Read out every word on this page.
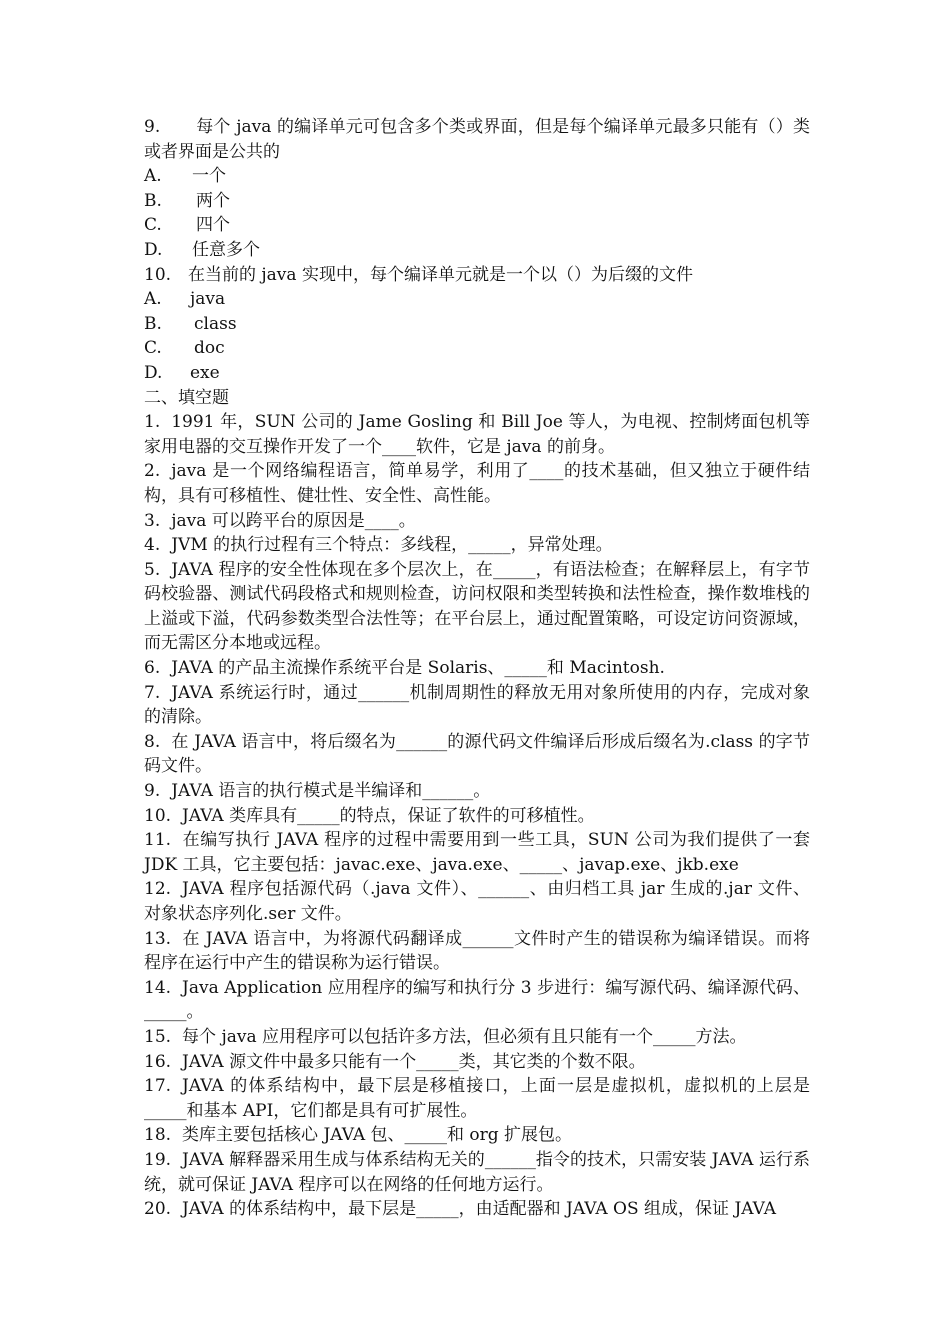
9. 每个 java 的编译单元可包含多个类或界面，但是每个编译单元最多只能有（）类或者界面是公共的

A.	一个
B.	两个
C.	四个
D.	任意多个

10. 在当前的 java 实现中，每个编译单元就是一个以（）为后缀的文件

A.	java
B.	class
C.	doc
D.	exe

二、填空题

1. 1991 年，SUN 公司的 Jame Gosling 和 Bill Joe 等人，为电视、控制烤面包机等家用电器的交互操作开发了一个____软件，它是 java 的前身。

2. java 是一个网络编程语言，简单易学，利用了____的技术基础，但又独立于硬件结构，具有可移植性、健壮性、安全性、高性能。

3. java 可以跨平台的原因是____。

4. JVM 的执行过程有三个特点：多线程，_____，异常处理。

5. JAVA 程序的安全性体现在多个层次上，在_____，有语法检查；在解释层上，有字节码校验器、测试代码段格式和规则检查，访问权限和类型转换和法性检查，操作数堆栈的上溢或下溢，代码参数类型合法性等；在平台层上，通过配置策略，可设定访问资源域，而无需区分本地或远程。

6. JAVA 的产品主流操作系统平台是 Solaris、_____和 Macintosh.

7. JAVA 系统运行时，通过______机制周期性的释放无用对象所使用的内存，完成对象的清除。

8. 在 JAVA 语言中，将后缀名为______的源代码文件编译后形成后缀名为.class 的字节码文件。

9. JAVA 语言的执行模式是半编译和______。

10. JAVA 类库具有_____的特点，保证了软件的可移植性。

11. 在编写执行 JAVA 程序的过程中需要用到一些工具，SUN 公司为我们提供了一套 JDK 工具，它主要包括：javac.exe、java.exe、_____、javap.exe、jkb.exe

12. JAVA 程序包括源代码（.java 文件）、______、由归档工具 jar 生成的.jar 文件、对象状态序列化.ser 文件。

13. 在 JAVA 语言中，为将源代码翻译成______文件时产生的错误称为编译错误。而将程序在运行中产生的错误称为运行错误。

14. Java Application 应用程序的编写和执行分 3 步进行：编写源代码、编译源代码、_____。

15. 每个 java 应用程序可以包括许多方法，但必须有且只能有一个_____方法。

16. JAVA 源文件中最多只能有一个_____类，其它类的个数不限。

17. JAVA 的体系结构中，最下层是移植接口，上面一层是虚拟机，虚拟机的上层是_____和基本 API，它们都是具有可扩展性。

18. 类库主要包括核心 JAVA 包、_____和 org 扩展包。

19. JAVA 解释器采用生成与体系结构无关的______指令的技术，只需安装 JAVA 运行系统，就可保证 JAVA 程序可以在网络的任何地方运行。

20. JAVA 的体系结构中，最下层是_____，由适配器和 JAVA OS 组成，保证 JAVA
